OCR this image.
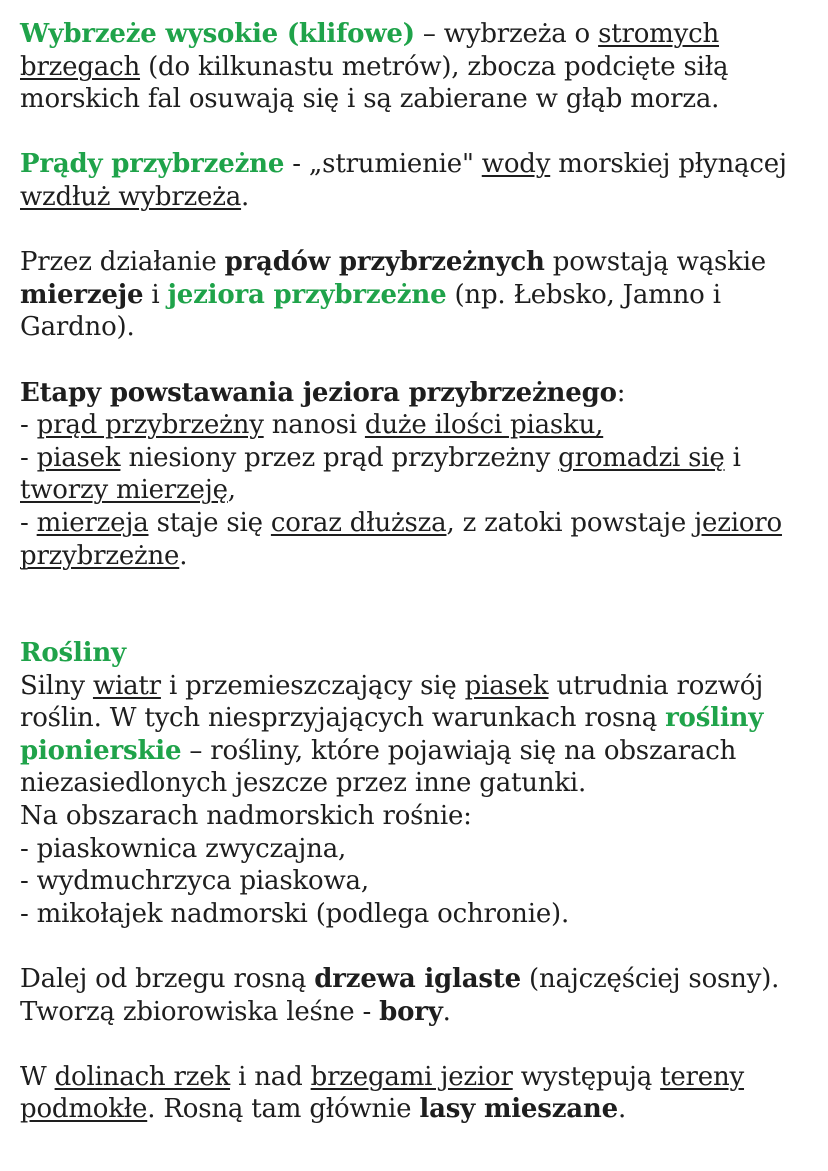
Wybrzeże wysokie (klifowe) – wybrzeża o stromych brzegach (do kilkunastu metrów), zbocza podcięte siłą morskich fal osuwają się i są zabierane w głąb morza.

Prądy przybrzeżne - „strumienie" wody morskiej płynącej wzdłuż wybrzeża.

Przez działanie prądów przybrzeżnych powstają wąskie mierzeje i jeziora przybrzeżne (np. Łebsko, Jamno i Gardno).

Etapy powstawania jeziora przybrzeżnego:

- prąd przybrzeżny nanosi duże ilości piasku,

- piasek niesiony przez prąd przybrzeżny gromadzi się i tworzy mierzeję,

- mierzeja staje się coraz dłuższa, z zatoki powstaje jezioro przybrzeżne.

Rośliny

Silny wiatr i przemieszczający się piasek utrudnia rozwój roślin. W tych niesprzyjających warunkach rosną rośliny pionierskie – rośliny, które pojawiają się na obszarach niezasiedlonych jeszcze przez inne gatunki.

Na obszarach nadmorskich rośnie:

- piaskownica zwyczajna,

- wydmuchrzyca piaskowa,

- mikołajek nadmorski (podlega ochronie).

Dalej od brzegu rosną drzewa iglaste (najczęściej sosny). Tworzą zbiorowiska leśne - bory.

W dolinach rzek i nad brzegami jezior występują tereny podmokłe. Rosną tam głównie lasy mieszane.
